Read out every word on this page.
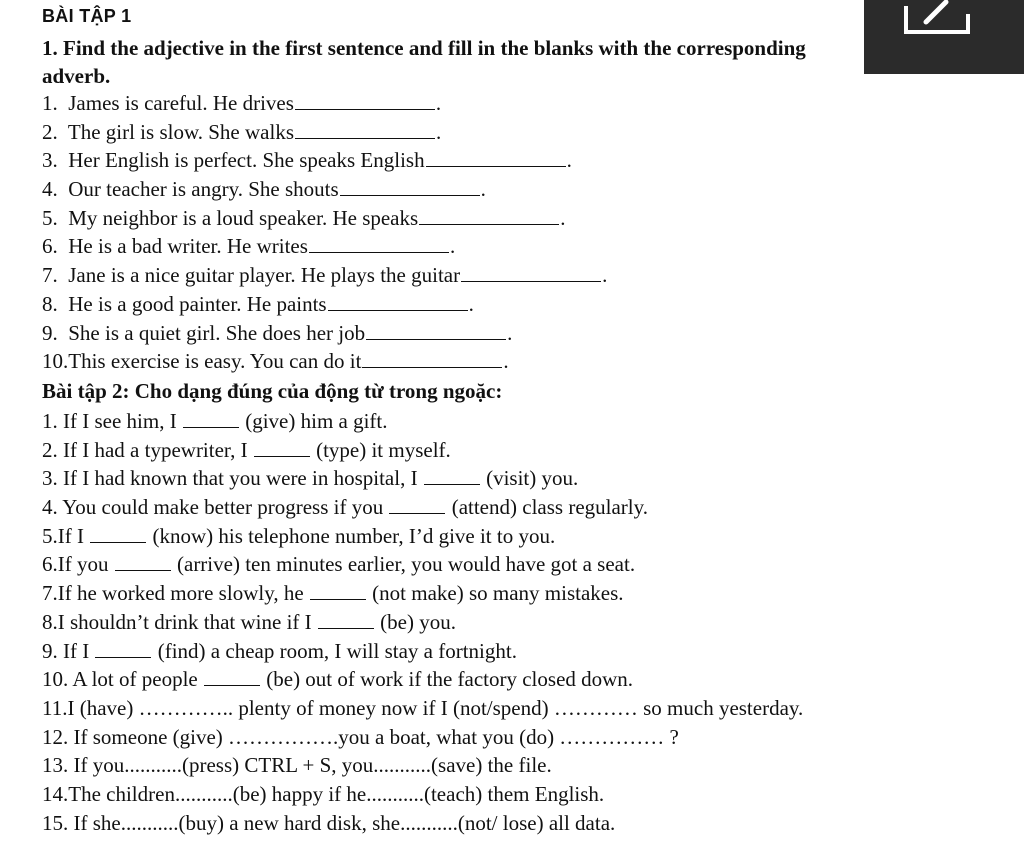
BÀI TẬP 1
1. Find the adjective in the first sentence and fill in the blanks with the corresponding
adverb.
1. James is careful. He drives	.
2. The girl is slow. She walks	.
3. Her English is perfect. She speaks English	.
4. Our teacher is angry. She shouts	.
5. My neighbor is a loud speaker. He speaks	.
6. He is a bad writer. He writes	.
7. Jane is a nice guitar player. He plays the guitar	.
8. He is a good painter. He paints	.
9. She is a quiet girl. She does her job	.
10.This exercise is easy. You can do it	.
Bài tập 2: Cho dạng đúng của động từ trong ngoặc:
1. If I see him, I	(give) him a gift.
2. If I had a typewriter, I	(type) it myself.
3. If I had known that you were in hospital, I	(visit) you.
4. You could make better progress if you	(attend) class regularly.
5.If I	(know) his telephone number, I’d give it to you.
6.If you	(arrive) ten minutes earlier, you would have got a seat.
7.If he worked more slowly, he	(not make) so many mistakes.
8.I shouldn’t drink that wine if I	(be) you.
9. If I	(find) a cheap room, I will stay a fortnight.
10. A lot of people	(be) out of work if the factory closed down.
11.I (have) ………….. plenty of money now if I (not/spend) ………… so much yesterday.
12. If someone (give) …………….you a boat, what you (do) …………… ?
13. If you...........(press) CTRL + S, you...........(save) the file.
14.The children...........(be) happy if he...........(teach) them English.
15. If she...........(buy) a new hard disk, she...........(not/ lose) all data.
